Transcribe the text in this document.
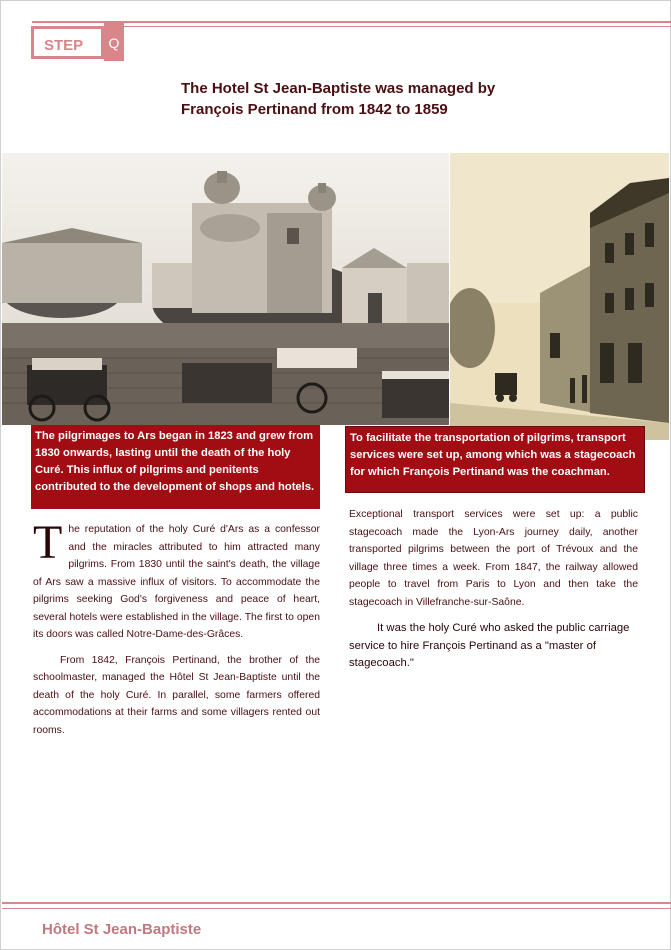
STEP	Q
The Hotel St Jean-Baptiste was managed by François Pertinand from 1842 to 1859
The pilgrimages to Ars began in 1823 and grew from 1830 onwards, lasting until the death of the holy Curé. This influx of pilgrims and penitents contributed to the development of shops and hotels.
To facilitate the transportation of pilgrims, transport services were set up, among which was a stagecoach for which François Pertinand was the coachman.

The reputation of the holy Curé d'Ars as a confessor and the miracles attributed to him attracted many pilgrims. From 1830 until the saint's death, the village of Ars saw a massive influx of visitors. To accommodate the pilgrims seeking God's forgiveness and peace of heart, several hotels were established in the village. The first to open its doors was called Notre-Dame-des-Grâces.

From 1842, François Pertinand, the brother of the schoolmaster, managed the Hôtel St Jean-Baptiste until the death of the holy Curé. In parallel, some farmers offered accommodations at their farms and some villagers rented out rooms.

Exceptional transport services were set up: a public stagecoach made the Lyon-Ars journey daily, another transported pilgrims between the port of Trévoux and the village three times a week. From 1847, the railway allowed people to travel from Paris to Lyon and then take the stagecoach in Villefranche-sur-Saône.

It was the holy Curé who asked the public carriage service to hire François Pertinand as a "master of stagecoach."
Hôtel St Jean-Baptiste
